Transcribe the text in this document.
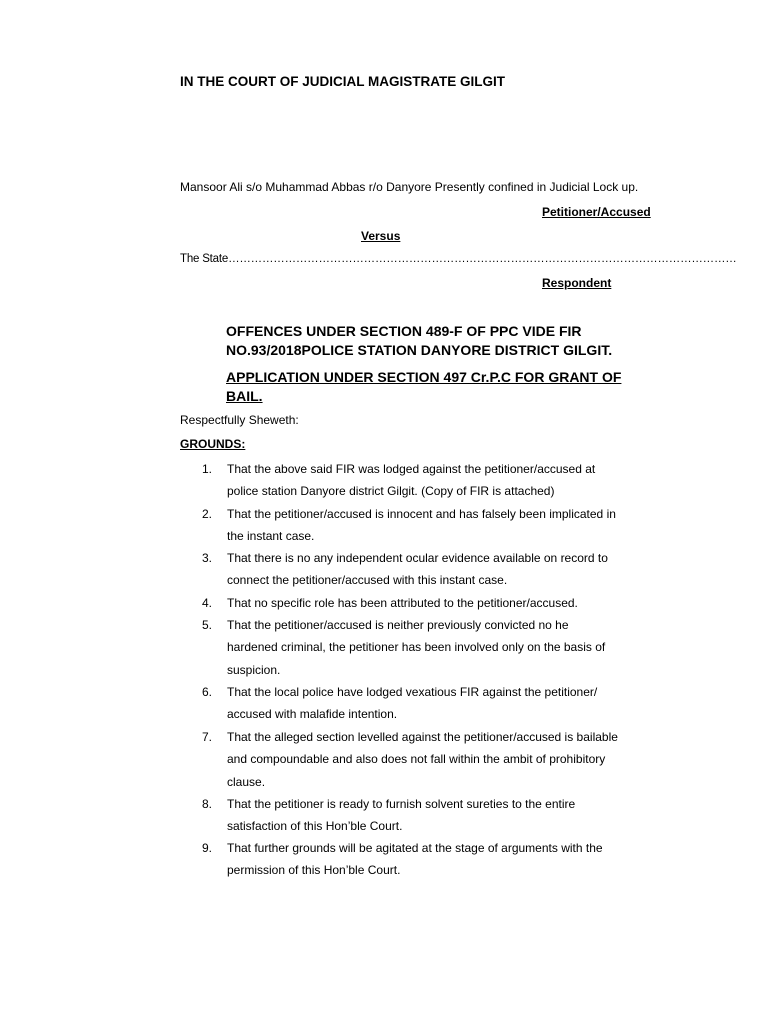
IN THE COURT OF JUDICIAL MAGISTRATE GILGIT
Mansoor Ali s/o Muhammad Abbas r/o Danyore Presently confined in Judicial Lock up.
Petitioner/Accused
Versus
The State………………………………………………………………………………………………………………………
Respondent
OFFENCES UNDER SECTION 489-F OF PPC VIDE FIR NO.93/2018POLICE STATION DANYORE DISTRICT GILGIT.
APPLICATION UNDER SECTION 497 Cr.P.C FOR GRANT OF BAIL.
Respectfully Sheweth:
GROUNDS:
1.	That the above said FIR was lodged against the petitioner/accused at
police station Danyore district Gilgit. (Copy of FIR is attached)
2.	That the petitioner/accused is innocent and has falsely been implicated in
the instant case.
3.	That there is no any independent ocular evidence available on record to
connect the petitioner/accused with this instant case.
4.	That no specific role has been attributed to the petitioner/accused.
5.	That the petitioner/accused is neither previously convicted no he
hardened criminal, the petitioner has been involved only on the basis of
suspicion.
6.	That the local police have lodged vexatious FIR against the petitioner/
accused with malafide intention.
7.	That the alleged section levelled against the petitioner/accused is bailable
and compoundable and also does not fall within the ambit of prohibitory
clause.
8.	That the petitioner is ready to furnish solvent sureties to the entire
satisfaction of this Hon’ble Court.
9.	That further grounds will be agitated at the stage of arguments with the
permission of this Hon’ble Court.
